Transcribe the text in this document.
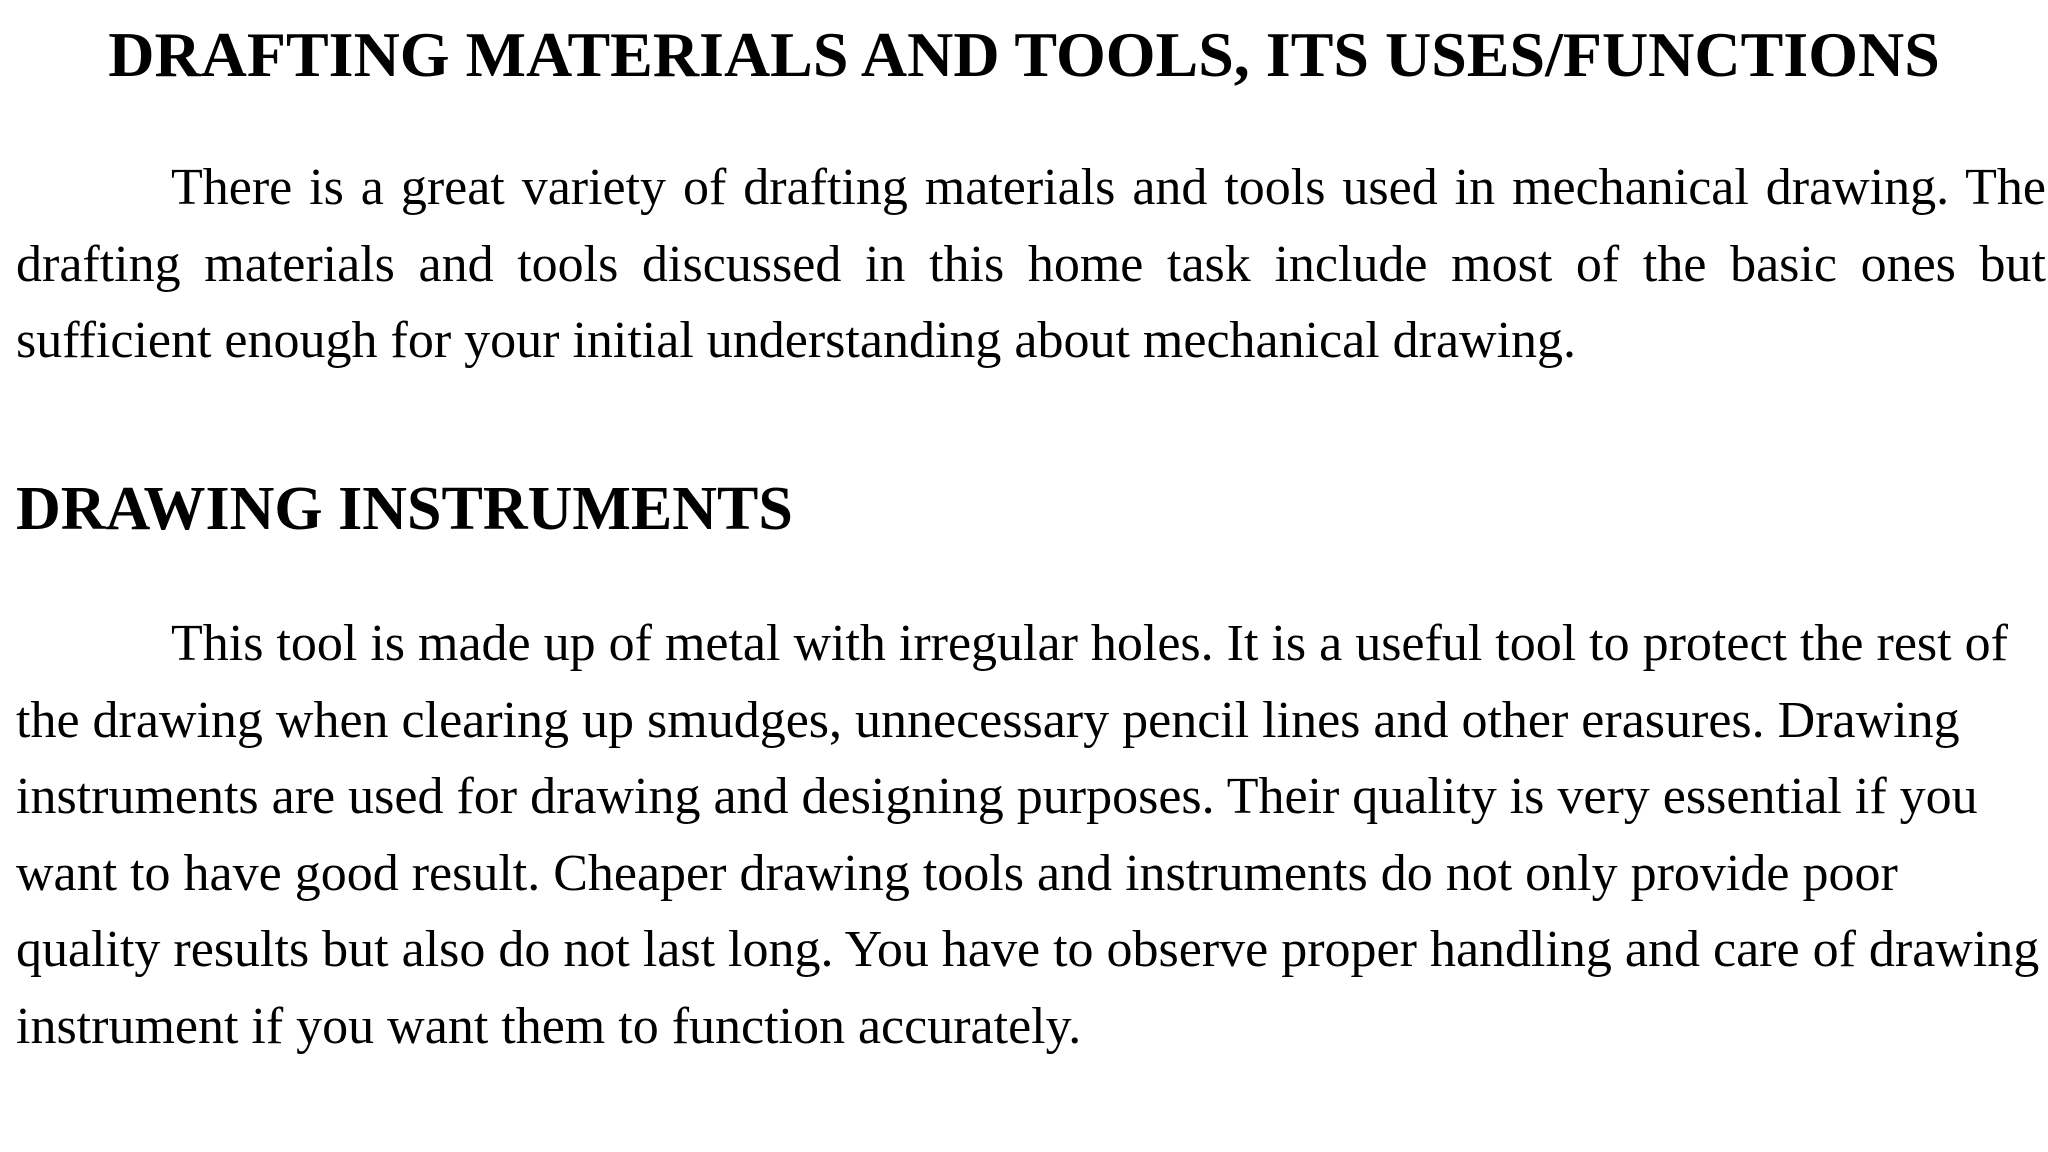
DRAFTING MATERIALS AND TOOLS, ITS USES/FUNCTIONS

There is a great variety of drafting materials and tools used in mechanical drawing. The drafting materials and tools discussed in this home task include most of the basic ones but sufficient enough for your initial understanding about mechanical drawing.

DRAWING INSTRUMENTS

This tool is made up of metal with irregular holes. It is a useful tool to protect the rest of the drawing when clearing up smudges, unnecessary pencil lines and other erasures. Drawing instruments are used for drawing and designing purposes. Their quality is very essential if you want to have good result. Cheaper drawing tools and instruments do not only provide poor quality results but also do not last long. You have to observe proper handling and care of drawing instrument if you want them to function accurately.
